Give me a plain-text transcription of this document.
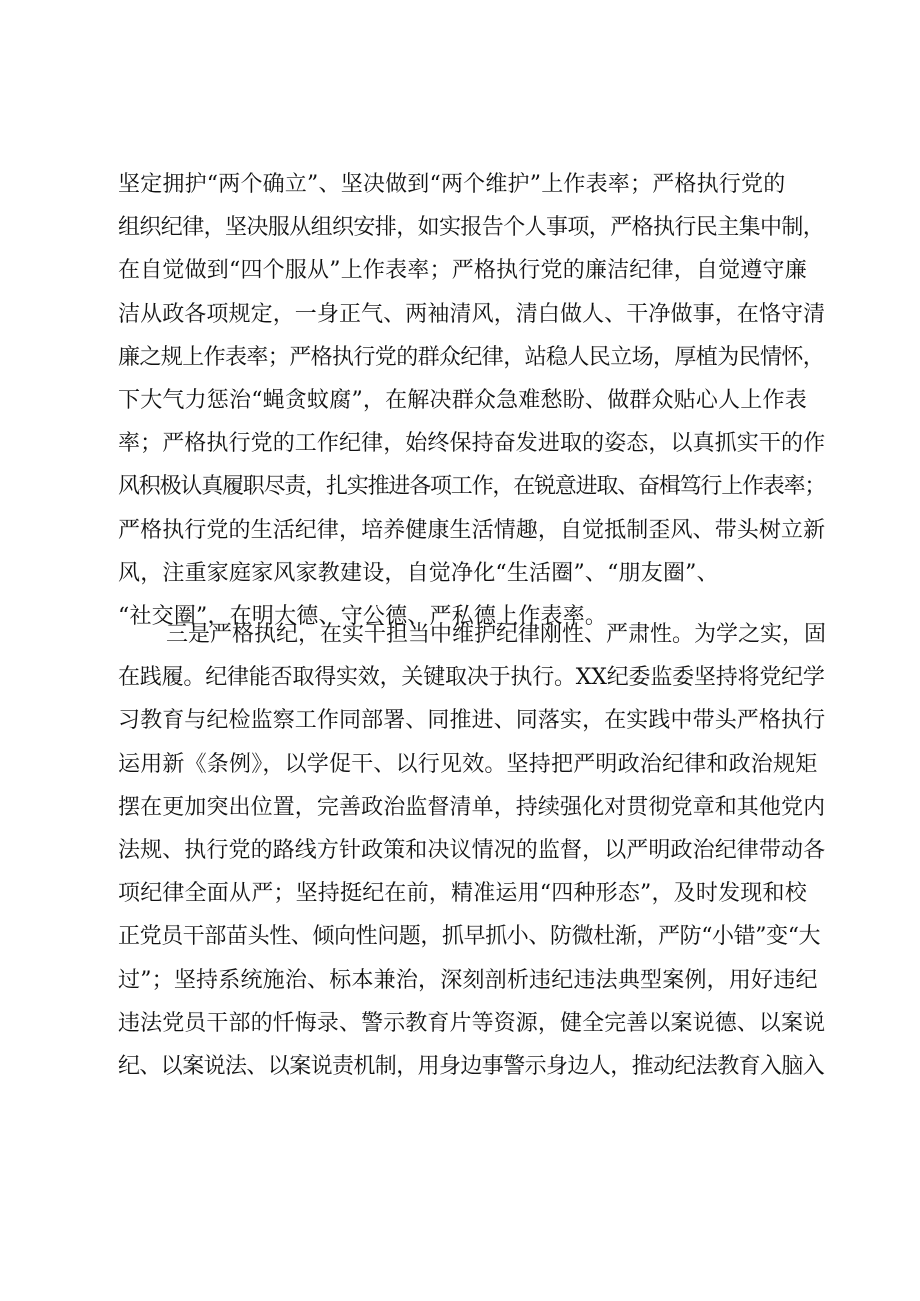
坚定拥护“两个确立”、坚决做到“两个维护”上作表率；严格执行党的
组织纪律，坚决服从组织安排，如实报告个人事项，严格执行民主集中制，
在自觉做到“四个服从”上作表率；严格执行党的廉洁纪律，自觉遵守廉
洁从政各项规定，一身正气、两袖清风，清白做人、干净做事，在恪守清
廉之规上作表率；严格执行党的群众纪律，站稳人民立场，厚植为民情怀，
下大气力惩治“蝇贪蚊腐”，在解决群众急难愁盼、做群众贴心人上作表
率；严格执行党的工作纪律，始终保持奋发进取的姿态，以真抓实干的作
风积极认真履职尽责，扎实推进各项工作，在锐意进取、奋楫笃行上作表率；
严格执行党的生活纪律，培养健康生活情趣，自觉抵制歪风、带头树立新
风，注重家庭家风家教建设，自觉净化“生活圈”、“朋友圈”、
“社交圈”，在明大德、守公德、严私德上作表率。
三是严格执纪，在实干担当中维护纪律刚性、严肃性。为学之实，固
在践履。纪律能否取得实效，关键取决于执行。XX纪委监委坚持将党纪学
习教育与纪检监察工作同部署、同推进、同落实，在实践中带头严格执行
运用新《条例》，以学促干、以行见效。坚持把严明政治纪律和政治规矩
摆在更加突出位置，完善政治监督清单，持续强化对贯彻党章和其他党内
法规、执行党的路线方针政策和决议情况的监督，以严明政治纪律带动各
项纪律全面从严；坚持挺纪在前，精准运用“四种形态”，及时发现和校
正党员干部苗头性、倾向性问题，抓早抓小、防微杜渐，严防“小错”变“大
过”；坚持系统施治、标本兼治，深刻剖析违纪违法典型案例，用好违纪
违法党员干部的忏悔录、警示教育片等资源，健全完善以案说德、以案说
纪、以案说法、以案说责机制，用身边事警示身边人，推动纪法教育入脑入
